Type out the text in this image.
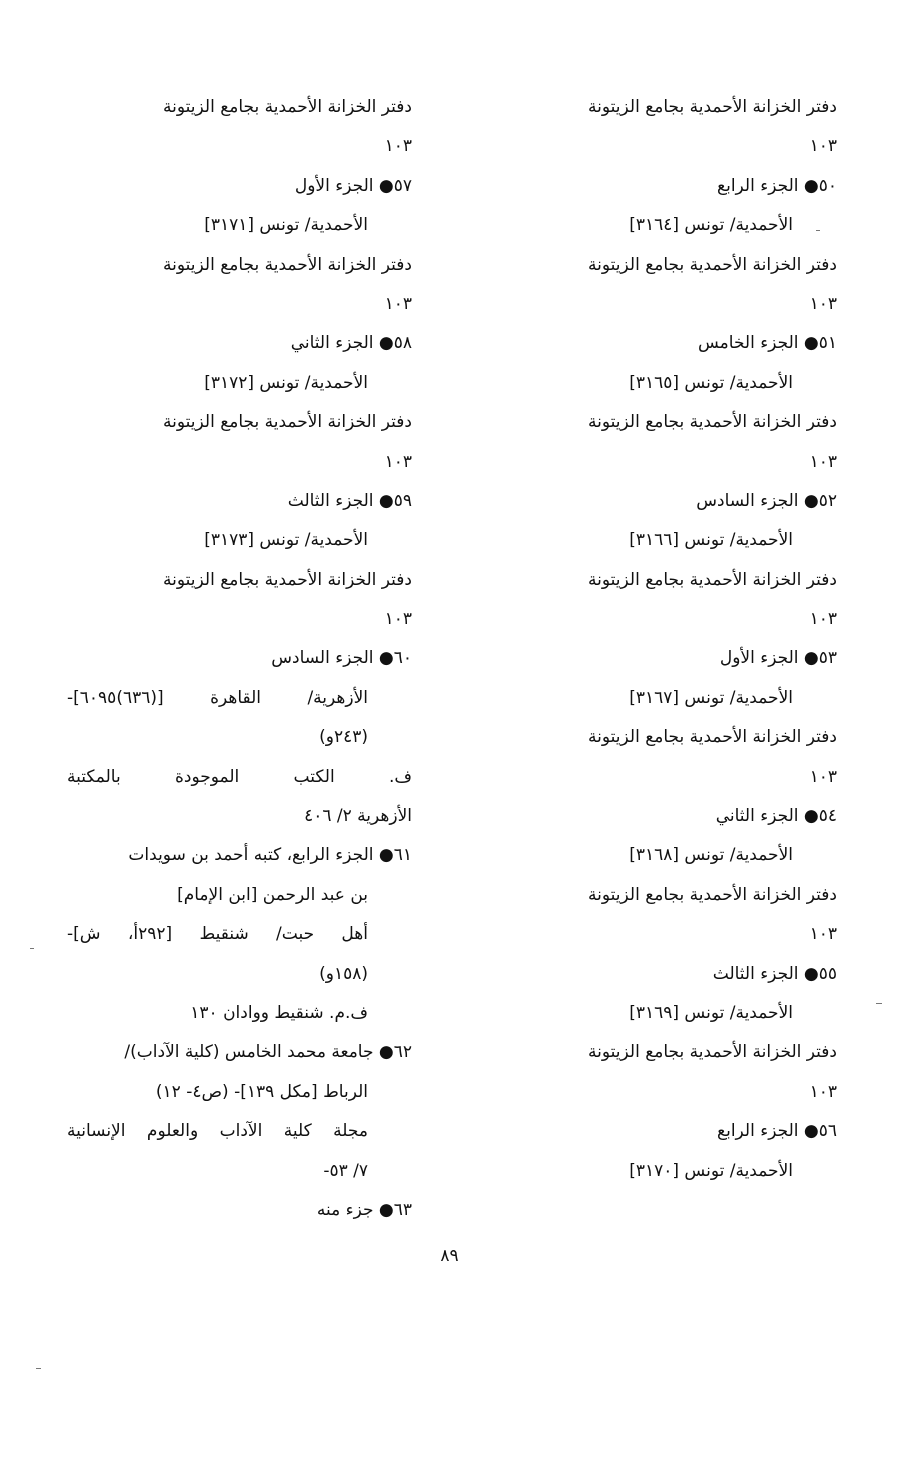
دفتر الخزانة الأحمدية بجامع الزيتونة
١٠٣
٥٠● الجزء الرابع
الأحمدية/ تونس [٣١٦٤]
دفتر الخزانة الأحمدية بجامع الزيتونة
١٠٣
٥١● الجزء الخامس
الأحمدية/ تونس [٣١٦٥]
دفتر الخزانة الأحمدية بجامع الزيتونة
١٠٣
٥٢● الجزء السادس
الأحمدية/ تونس [٣١٦٦]
دفتر الخزانة الأحمدية بجامع الزيتونة
١٠٣
٥٣● الجزء الأول
الأحمدية/ تونس [٣١٦٧]
دفتر الخزانة الأحمدية بجامع الزيتونة
١٠٣
٥٤● الجزء الثاني
الأحمدية/ تونس [٣١٦٨]
دفتر الخزانة الأحمدية بجامع الزيتونة
١٠٣
٥٥● الجزء الثالث
الأحمدية/ تونس [٣١٦٩]
دفتر الخزانة الأحمدية بجامع الزيتونة
١٠٣
٥٦● الجزء الرابع
الأحمدية/ تونس [٣١٧٠]
دفتر الخزانة الأحمدية بجامع الزيتونة
١٠٣
٥٧● الجزء الأول
الأحمدية/ تونس [٣١٧١]
دفتر الخزانة الأحمدية بجامع الزيتونة
١٠٣
٥٨● الجزء الثاني
الأحمدية/ تونس [٣١٧٢]
دفتر الخزانة الأحمدية بجامع الزيتونة
١٠٣
٥٩● الجزء الثالث
الأحمدية/ تونس [٣١٧٣]
دفتر الخزانة الأحمدية بجامع الزيتونة
١٠٣
٦٠● الجزء السادس
الأزهرية/ القاهرة [(٦٣٦)٦٠٩٥]-
(٢٤٣و)
ف. الكتب الموجودة بالمكتبة
الأزهرية ٢/ ٤٠٦
٦١● الجزء الرابع، كتبه أحمد بن سويدات
بن عبد الرحمن [ابن الإمام]
أهل حبت/ شنقيط [٢٩٢أ، ش]-
(١٥٨و)
ف.م. شنقيط ووادان ١٣٠
٦٢● جامعة محمد الخامس (كلية الآداب)/
الرباط [مكل ١٣٩]- (ص٤- ١٢)
مجلة كلية الآداب والعلوم الإنسانية
٧/ ٥٣-
٦٣● جزء منه
٨٩
